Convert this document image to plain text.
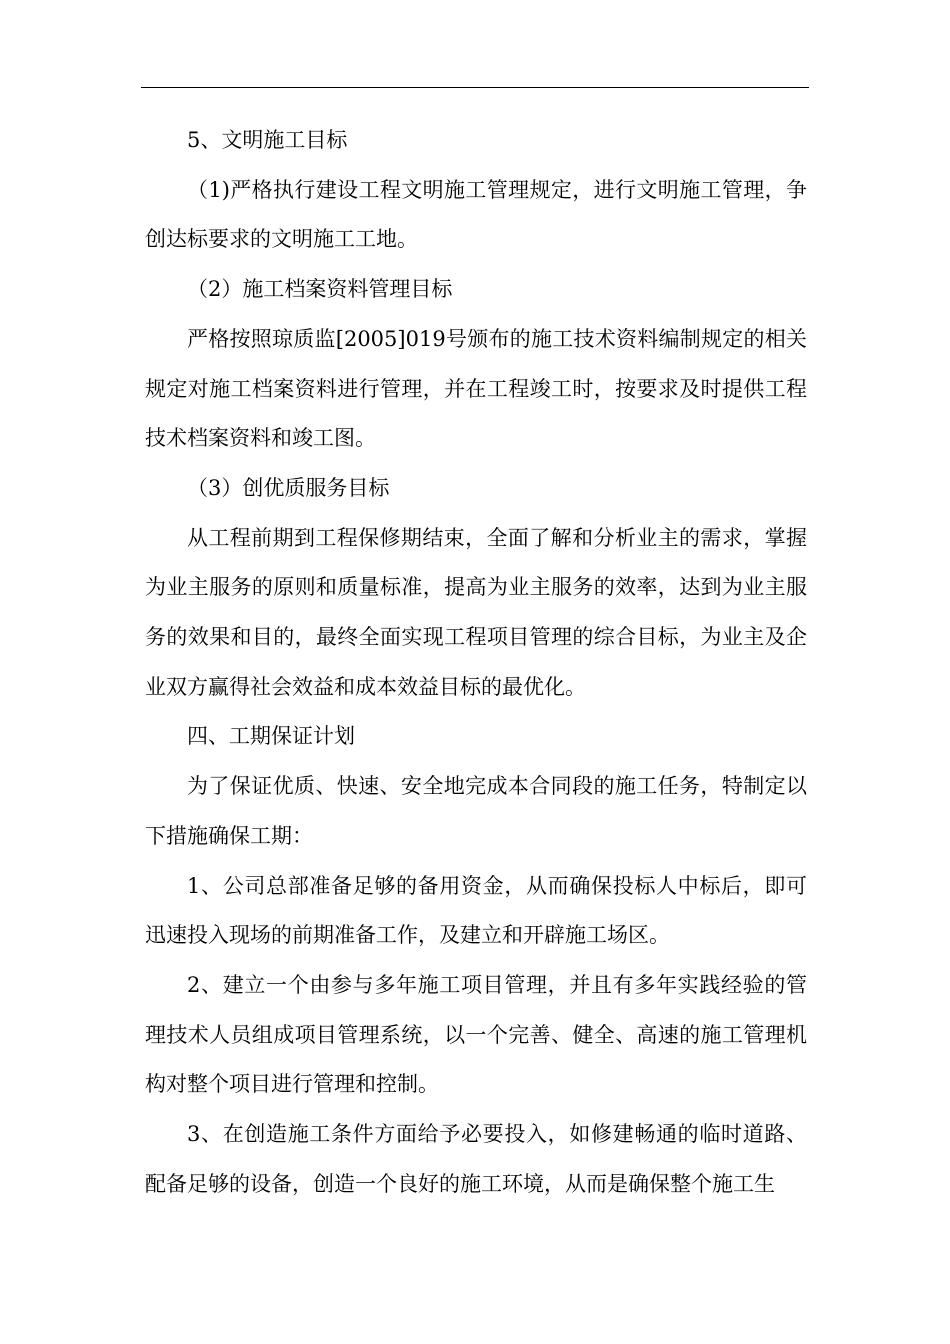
5、文明施工目标

（1)严格执行建设工程文明施工管理规定，进行文明施工管理，争创达标要求的文明施工工地。

（2）施工档案资料管理目标

严格按照琼质监[2005]019号颁布的施工技术资料编制规定的相关规定对施工档案资料进行管理，并在工程竣工时，按要求及时提供工程技术档案资料和竣工图。

（3）创优质服务目标

从工程前期到工程保修期结束，全面了解和分析业主的需求，掌握为业主服务的原则和质量标准，提高为业主服务的效率，达到为业主服务的效果和目的，最终全面实现工程项目管理的综合目标，为业主及企业双方赢得社会效益和成本效益目标的最优化。

四、工期保证计划

为了保证优质、快速、安全地完成本合同段的施工任务，特制定以下措施确保工期：

1、公司总部准备足够的备用资金，从而确保投标人中标后，即可迅速投入现场的前期准备工作，及建立和开辟施工场区。

2、建立一个由参与多年施工项目管理，并且有多年实践经验的管理技术人员组成项目管理系统，以一个完善、健全、高速的施工管理机构对整个项目进行管理和控制。

3、在创造施工条件方面给予必要投入，如修建畅通的临时道路、配备足够的设备，创造一个良好的施工环境，从而是确保整个施工生
